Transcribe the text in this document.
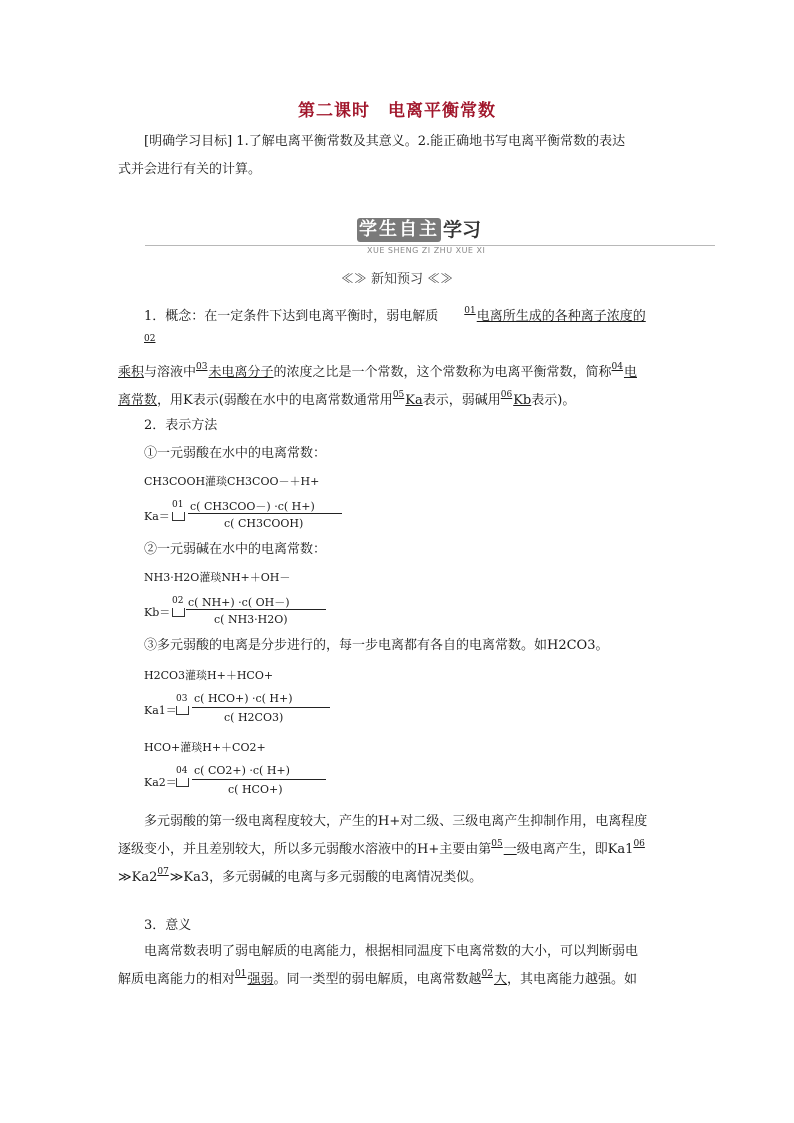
第二课时 电离平衡常数
[明确学习目标] 1.了解电离平衡常数及其意义。2.能正确地书写电离平衡常数的表达
式并会进行有关的计算。
学生自主 学习
XUE SHENG ZI ZHU XUE XI
≪≫ 新知预习 ≪≫
1．概念：在一定条件下达到电离平衡时，弱电解质	01电离所生成的各种离子浓度的02
乘积与溶液中03未电离分子的浓度之比是一个常数，这个常数称为电离平衡常数，简称04电
离常数，用K表示(弱酸在水中的电离常数通常用05Ka表示，弱碱用06Kb表示)。
2．表示方法
①一元弱酸在水中的电离常数：
CH3COOH灌琰CH3COO－＋H+
Ka＝
01 c( CH3COO－) ·c( H+)
c( CH3COOH)
②一元弱碱在水中的电离常数：
NH3·H2O灌琰NH+＋OH－
Kb＝
02 c( NH+) ·c( OH－)
c( NH3·H2O)
③多元弱酸的电离是分步进行的，每一步电离都有各自的电离常数。如H2CO3。
H2CO3灌琰H+＋HCO+
Ka1＝
03 c( HCO+) ·c( H+)
c( H2CO3)
HCO+灌琰H+＋CO2+
Ka2＝
04 c( CO2+) ·c( H+)
c( HCO+)
多元弱酸的第一级电离程度较大，产生的H+对二级、三级电离产生抑制作用，电离程度
逐级变小，并且差别较大，所以多元弱酸水溶液中的H+主要由第05一级电离产生，即Ka106
≫Ka207≫Ka3，多元弱碱的电离与多元弱酸的电离情况类似。
3．意义
电离常数表明了弱电解质的电离能力，根据相同温度下电离常数的大小，可以判断弱电
解质电离能力的相对01强弱。同一类型的弱电解质，电离常数越02大，其电离能力越强。如
